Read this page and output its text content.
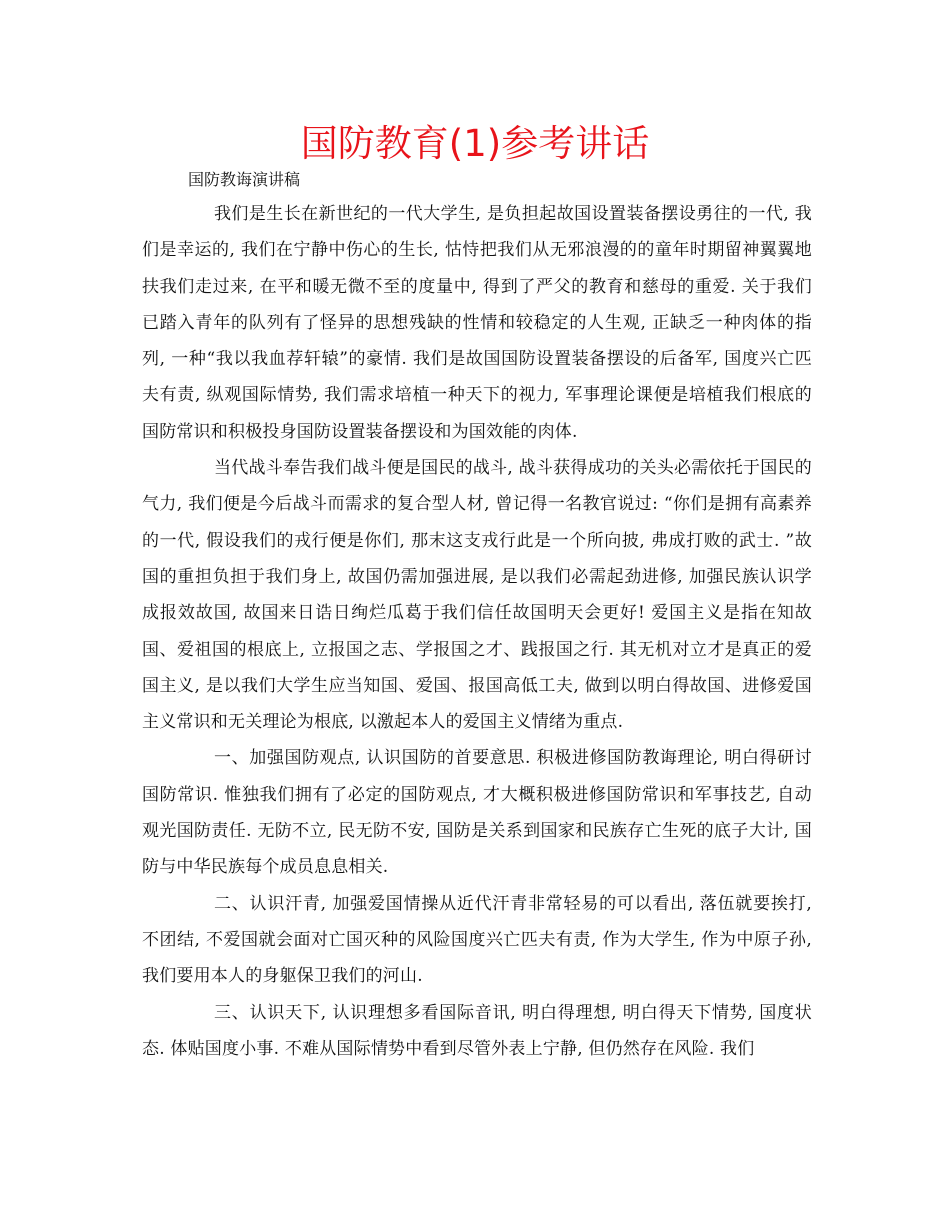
国防教育(1)参考讲话
国防教诲演讲稿

我们是生长在新世纪的一代大学生, 是负担起故国设置装备摆设勇往的一代, 我们是幸运的, 我们在宁静中伤心的生长, 怙恃把我们从无邪浪漫的的童年时期留神翼翼地扶我们走过来, 在平和暖无微不至的度量中, 得到了严父的教育和慈母的重爱. 关于我们已踏入青年的队列有了怪异的思想残缺的性情和较稳定的人生观, 正缺乏一种肉体的指列, 一种“我以我血荐轩辕”的豪情. 我们是故国国防设置装备摆设的后备军, 国度兴亡匹夫有责, 纵观国际情势, 我们需求培植一种天下的视力, 军事理论课便是培植我们根底的国防常识和积极投身国防设置装备摆设和为国效能的肉体.

当代战斗奉告我们战斗便是国民的战斗, 战斗获得成功的关头必需依托于国民的气力, 我们便是今后战斗而需求的复合型人材, 曾记得一名教官说过: “你们是拥有高素养的一代, 假设我们的戎行便是你们, 那末这支戎行此是一个所向披, 弗成打败的武士. ”故国的重担负担于我们身上, 故国仍需加强进展, 是以我们必需起劲进修, 加强民族认识学成报效故国, 故国来日诰日绚烂瓜葛于我们信任故国明天会更好! 爱国主义是指在知故国、爱祖国的根底上, 立报国之志、学报国之才、践报国之行. 其无机对立才是真正的爱国主义, 是以我们大学生应当知国、爱国、报国高低工夫, 做到以明白得故国、进修爱国主义常识和无关理论为根底, 以激起本人的爱国主义情绪为重点.

一、加强国防观点, 认识国防的首要意思. 积极进修国防教诲理论, 明白得研讨国防常识. 惟独我们拥有了必定的国防观点, 才大概积极进修国防常识和军事技艺, 自动观光国防责任. 无防不立, 民无防不安, 国防是关系到国家和民族存亡生死的底子大计, 国防与中华民族每个成员息息相关.

二、认识汗青, 加强爱国情操从近代汗青非常轻易的可以看出, 落伍就要挨打, 不团结, 不爱国就会面对亡国灭种的风险国度兴亡匹夫有责, 作为大学生, 作为中原子孙, 我们要用本人的身躯保卫我们的河山.

三、认识天下, 认识理想多看国际音讯, 明白得理想, 明白得天下情势, 国度状态. 体贴国度小事. 不难从国际情势中看到尽管外表上宁静, 但仍然存在风险. 我们
